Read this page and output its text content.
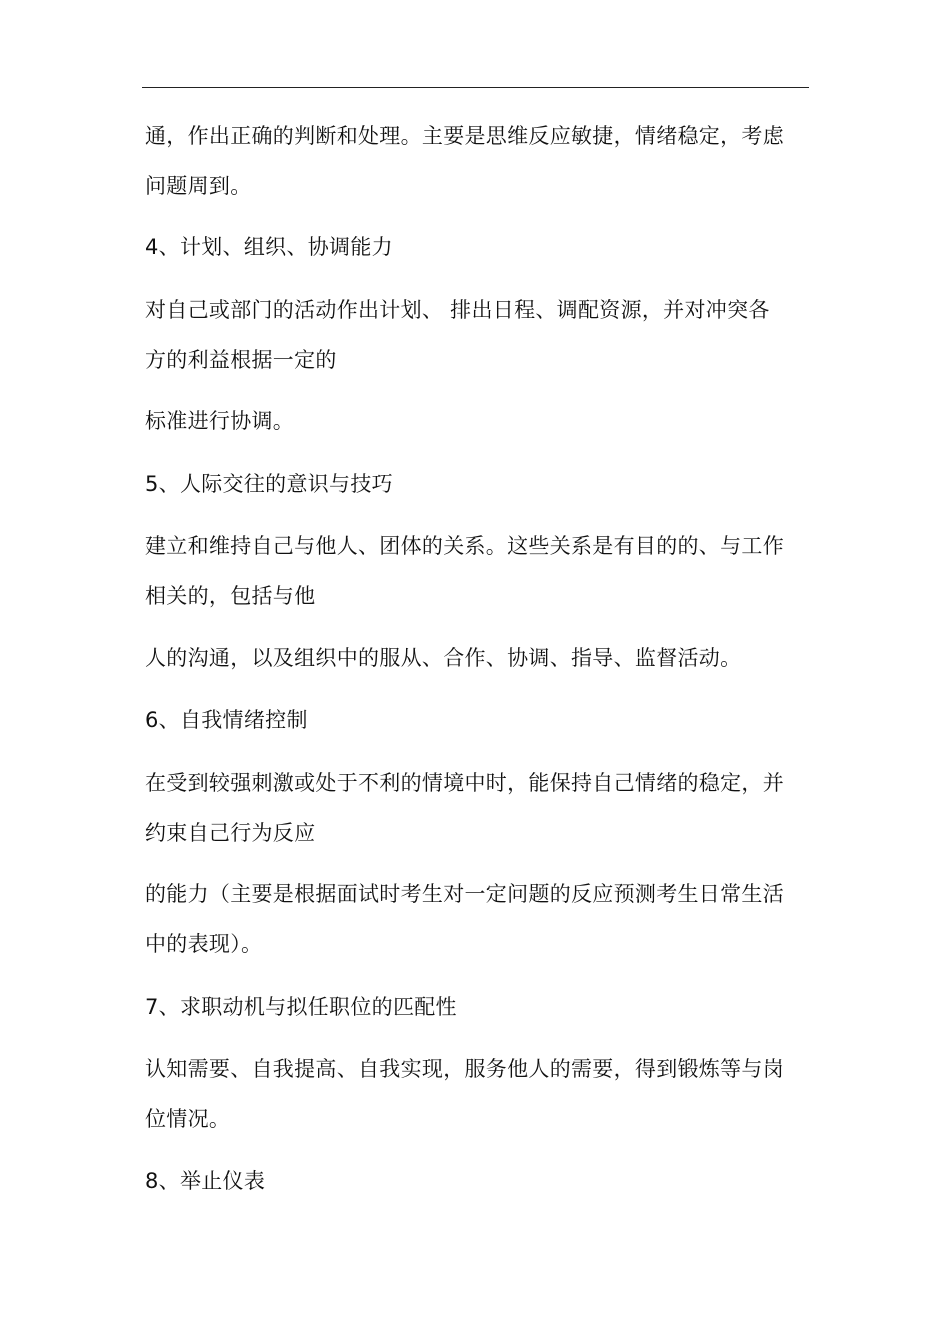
通，作出正确的判断和处理。主要是思维反应敏捷，情绪稳定，考虑
问题周到。
4、计划、组织、协调能力
对自己或部门的活动作出计划、 排出日程、调配资源，并对冲突各
方的利益根据一定的
标准进行协调。
5、人际交往的意识与技巧
建立和维持自己与他人、团体的关系。这些关系是有目的的、与工作
相关的，包括与他
人的沟通，以及组织中的服从、合作、协调、指导、监督活动。
6、自我情绪控制
在受到较强刺激或处于不利的情境中时，能保持自己情绪的稳定，并
约束自己行为反应
的能力（主要是根据面试时考生对一定问题的反应预测考生日常生活
中的表现）。
7、求职动机与拟任职位的匹配性
认知需要、自我提高、自我实现，服务他人的需要，得到锻炼等与岗
位情况。
8、举止仪表
